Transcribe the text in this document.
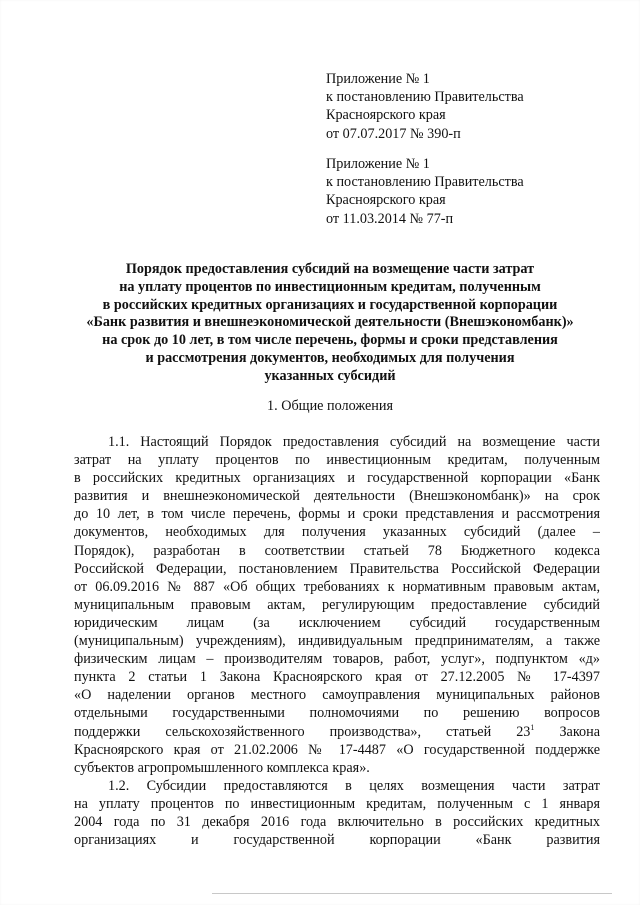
Приложение № 1
к постановлению Правительства
Красноярского края
от 07.07.2017 № 390-п
Приложение № 1
к постановлению Правительства
Красноярского края
от 11.03.2014 № 77-п
Порядок предоставления субсидий на возмещение части затрат
на уплату процентов по инвестиционным кредитам, полученным
в российских кредитных организациях и государственной корпорации
«Банк развития и внешнеэкономической деятельности (Внешэкономбанк)»
на срок до 10 лет, в том числе перечень, формы и сроки представления
и рассмотрения документов, необходимых для получения
указанных субсидий
1. Общие положения
1.1. Настоящий Порядок предоставления субсидий на возмещение части
затрат на уплату процентов по инвестиционным кредитам, полученным
в российских кредитных организациях и государственной корпорации «Банк
развития и внешнеэкономической деятельности (Внешэкономбанк)» на срок
до 10 лет, в том числе перечень, формы и сроки представления и рассмотрения
документов, необходимых для получения указанных субсидий (далее –
Порядок), разработан в соответствии статьей 78 Бюджетного кодекса
Российской Федерации, постановлением Правительства Российской Федерации
от 06.09.2016 № 887 «Об общих требованиях к нормативным правовым актам,
муниципальным правовым актам, регулирующим предоставление субсидий
юридическим лицам (за исключением субсидий государственным
(муниципальным) учреждениям), индивидуальным предпринимателям, а также
физическим лицам – производителям товаров, работ, услуг», подпунктом «д»
пункта 2 статьи 1 Закона Красноярского края от 27.12.2005 № 17-4397
«О наделении органов местного самоуправления муниципальных районов
отдельными государственными полномочиями по решению вопросов
поддержки сельскохозяйственного производства», статьей $23^1$ Закона
Красноярского края от 21.02.2006 № 17-4487 «О государственной поддержке
субъектов агропромышленного комплекса края».
1.2. Субсидии предоставляются в целях возмещения части затрат
на уплату процентов по инвестиционным кредитам, полученным с 1 января
2004 года по 31 декабря 2016 года включительно в российских кредитных
организациях и государственной корпорации «Банк развития
